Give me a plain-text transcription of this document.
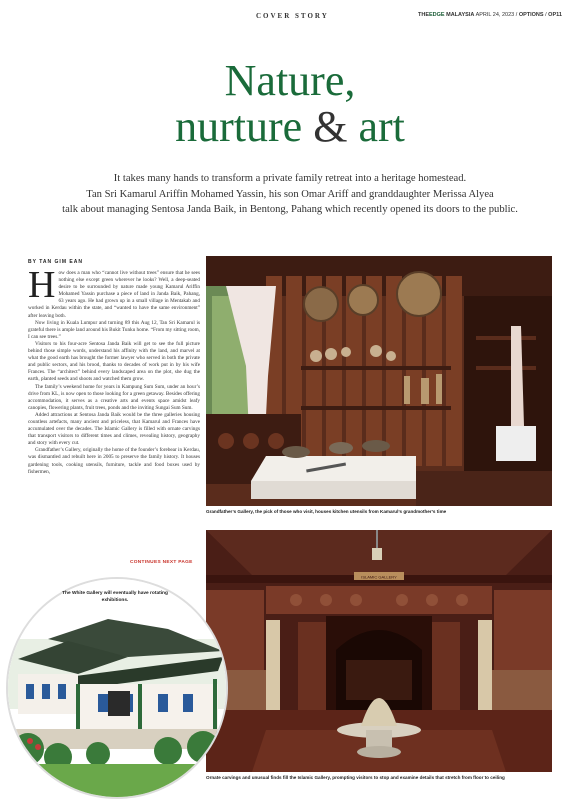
COVER STORY	THEEDGE MALAYSIA APRIL 24, 2023 / OPTIONS / OP11
Nature,
nurture & art
It takes many hands to transform a private family retreat into a heritage homestead.
Tan Sri Kamarul Ariffin Mohamed Yassin, his son Omar Ariff and granddaughter Merissa Alyea
talk about managing Sentosa Janda Baik, in Bentong, Pahang which recently opened its doors to the public.
BY TAN GIM EAN

How does a man who “cannot live without trees” ensure that he sees nothing else except green wherever he looks? Well, a deep-seated desire to be surrounded by nature made young Kamarul Ariffin Mohamed Yassin purchase a piece of land in Janda Baik, Pahang, 63 years ago. He had grown up in a small village in Mentakab and worked in Kerdau within the state, and “wanted to have the same environment” after leaving both.

Now living in Kuala Lumpur and turning 89 this Aug 12, Tan Sri Kamarul is grateful there is ample land around his Bukit Tunku home. “From my sitting room, I can see trees.”

Visitors to his four-acre Sentosa Janda Baik will get to see the full picture behind those simple words, understand his affinity with the land, and marvel at what the good earth has brought the former lawyer who served in both the private and public sectors, and his brood, thanks to decades of work put in by his wife Frances. The “architect” behind every landscaped area on the plot, she dug the earth, planted seeds and shoots and watched them grow.

The family’s weekend home for years in Kampung Sum Sum, under an hour’s drive from KL, is now open to those looking for a green getaway. Besides offering accommodation, it serves as a creative arts and events space amidst leafy canopies, flowering plants, fruit trees, ponds and the inviting Sungai Sum Sum.

Added attractions at Sentosa Janda Baik would be the three galleries housing countless artefacts, many ancient and priceless, that Kamarul and Frances have accumulated over the decades. The Islamic Gallery is filled with ornate carvings that transport visitors to different times and climes, revealing history, geography and story with every cut.

Grandfather’s Gallery, originally the home of the founder’s forebear in Kerdau, was dismantled and rebuilt here in 2005 to preserve the family history. It houses gardening tools, cooking utensils, furniture, tackle and food boxes used by fishermen,

CONTINUES NEXT PAGE
Grandfather’s Gallery, the pick of those who visit, houses kitchen utensils from Kamarul’s grandmother’s time
ISLAMIC GALLERY
Ornate carvings and unusual finds fill the Islamic Gallery, prompting visitors to stop and examine details that stretch from floor to ceiling
The White Gallery will eventually have rotating exhibitions.
